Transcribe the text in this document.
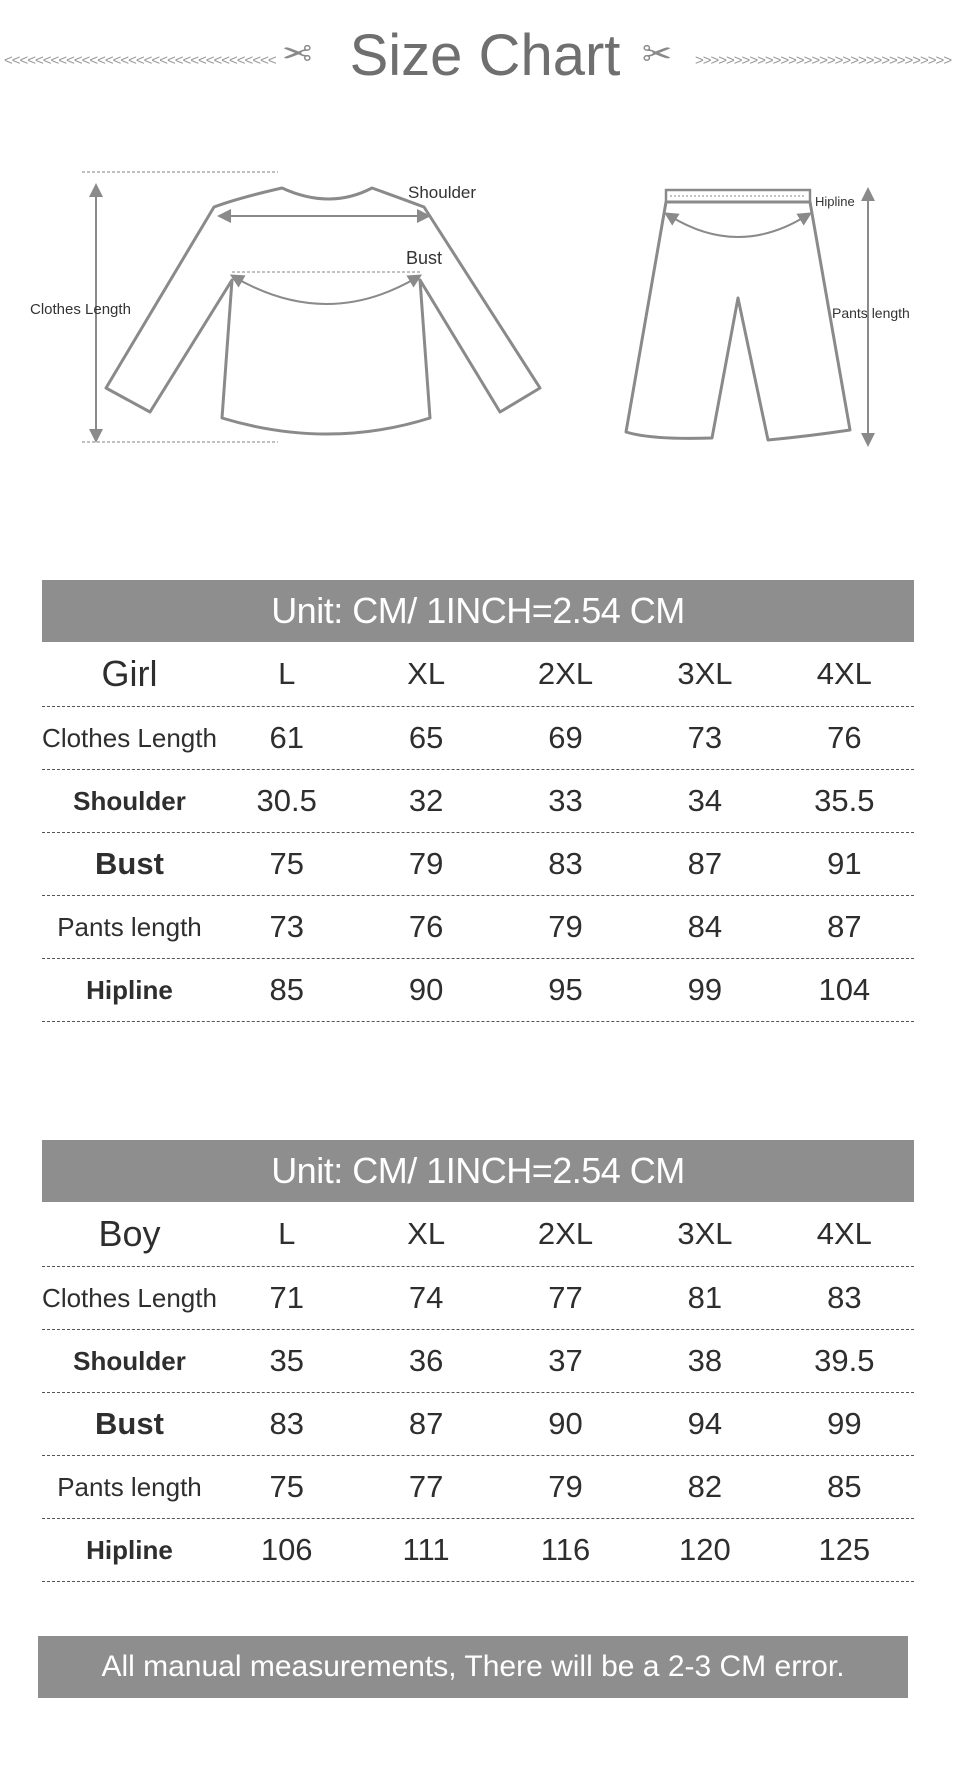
<<<<<<<<<<<<<<<<<<<<<<<<<<<<<<<<<<< ✂ Size Chart ✂ >>>>>>>>>>>>>>>>>>>>>>>>>>>>>>>>>
Shoulder
Bust
Clothes Length
Hipline
Pants length
Unit: CM/ 1INCH=2.54 CM
Girl	L	XL	2XL	3XL	4XL
Clothes Length	61	65	69	73	76
Shoulder	30.5	32	33	34	35.5
Bust	75	79	83	87	91
Pants length	73	76	79	84	87
Hipline	85	90	95	99	104
Unit: CM/ 1INCH=2.54 CM
Boy	L	XL	2XL	3XL	4XL
Clothes Length	71	74	77	81	83
Shoulder	35	36	37	38	39.5
Bust	83	87	90	94	99
Pants length	75	77	79	82	85
Hipline	106	111	116	120	125
All manual measurements, There will be a 2-3 CM error.
